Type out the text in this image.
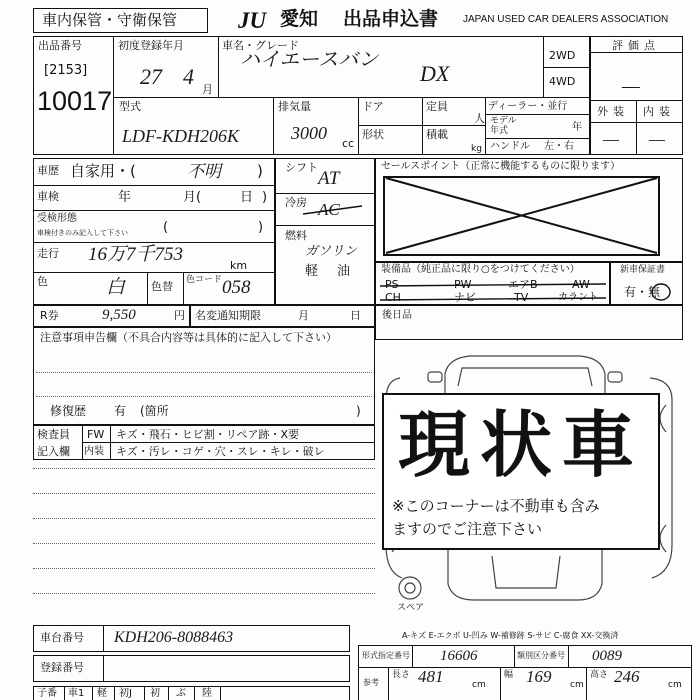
車内保管・守衛保管	JU 愛知 出品申込書 JAPAN USED CAR DEALERS ASSOCIATION
出品番号
[2153]
10017
初度登録年月
27 4
月
車名・グレード
ハイエースバン
DX
2WD
4WD
評価点
—
外装 内装
— —
型式
LDF-KDH206K
排気量
3000
cc
ドア
形状
定員
人
積載
kg
ディーラー・並行
モデル
年式	年
ハンドル 左・右
車歴 自家用・(	不明 )
車検	年	月(	日 )
受検形態
車検付きのみ記入して下さい	(	)
走行 16万7千753
km
色	白 色替 色コード 058
シフト
AT
冷房 AC
燃料
ガソリン
軽 油
セールスポイント（正常に機能するものに限ります）
装備品（純正品に限り○をつけてください）
PS	PW	エアB	AW
CH	ナビ	TV	カラント
新車保証書
有・無
R券	9,550	円 名変通知期限	月	日 後日品
注意事項申告欄（不具合内容等は具体的に記入して下さい）
修復歴 有 (箇所	)
検査員
記入欄
FW キズ・飛石・ヒビ割・リペア跡・X要
内装 キズ・汚レ・コゲ・穴・スレ・キレ・破レ 現状車
※このコーナーは不動車も含み
ますのでご注意下さい
スペア
A-キズ E-エクボ U-凹み W-補修跡 S-サビ C-腐食 XX-交換済
車台番号 KDH206-8088463
登録番号
子番 車1 軽 初J 初 ぶ 陸
形式指定番号 16606	類別区分番号 0089
参考
長さ 481	cm
幅 169 cm
高さ 246	cm
